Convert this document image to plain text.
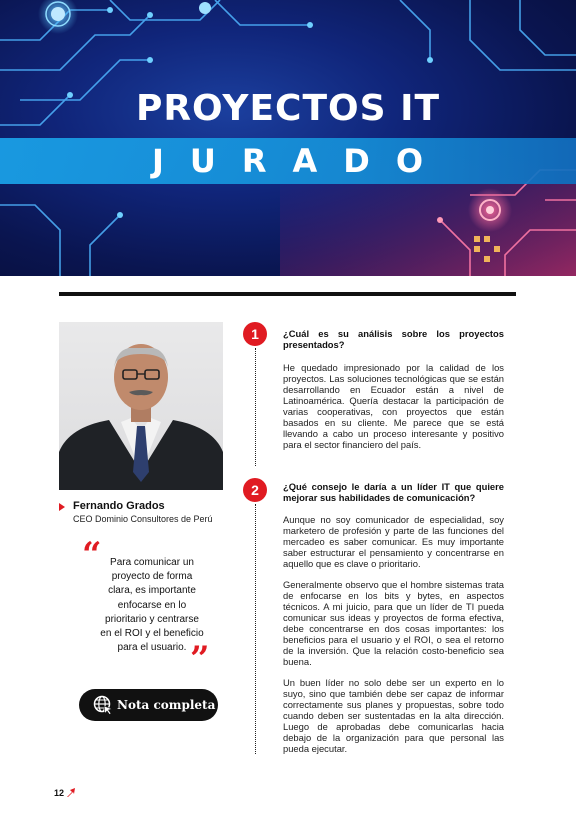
PROYECTOS IT
JURADO
Fernando Grados
CEO Dominio Consultores de Perú
“ Para comunicar un
proyecto de forma
clara, es importante
enfocarse en lo
prioritario y centrarse
en el ROI y el beneficio
para el usuario. ”
Nota completa
1	¿Cuál es su análisis sobre los proyectos presentados?

He quedado impresionado por la calidad de los proyectos. Las soluciones tecnológicas que se están desarrollando en Ecuador están a nivel de Latinoamérica. Quería destacar la participación de varias cooperativas, con proyectos que están basados en su cliente. Me parece que se está llevando a cabo un proceso interesante y positivo para el sector financiero del país.

2	¿Qué consejo le daría a un líder IT que quiere mejorar sus habilidades de comunicación?

Aunque no soy comunicador de especialidad, soy marketero de profesión y parte de las funciones del mercadeo es saber comunicar. Es muy importante saber estructurar el pensamiento y concentrarse en aquello que es clave o prioritario.

Generalmente observo que el hombre sistemas trata de enfocarse en los bits y bytes, en aspectos técnicos. A mi juicio, para que un líder de TI pueda comunicar sus ideas y proyectos de forma efectiva, debe concentrarse en dos cosas importantes: los beneficios para el usuario y el ROI, o sea el retorno de la inversión. Que la relación costo-beneficio sea buena.

Un buen líder no solo debe ser un experto en lo suyo, sino que también debe ser capaz de informar correctamente sus planes y propuestas, sobre todo cuando deben ser sustentadas en la alta dirección. Luego de aprobadas debe comunicarlas hacia debajo de la organización para que personal las pueda ejecutar.

12
